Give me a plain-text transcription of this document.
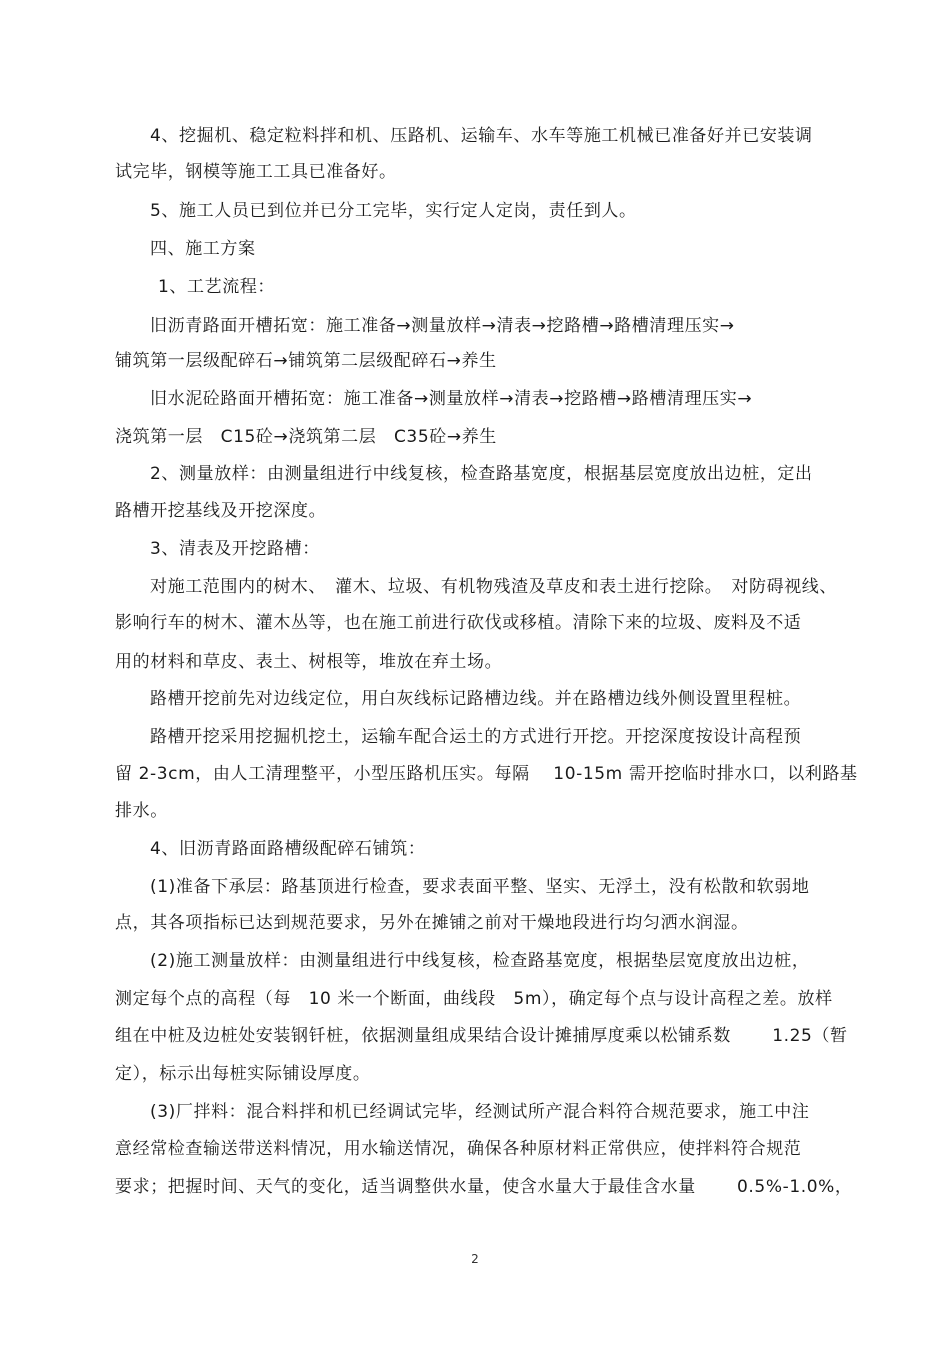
4、挖掘机、稳定粒料拌和机、压路机、运输车、水车等施工机械已准备好并已安装调
试完毕，钢模等施工工具已准备好。
5、施工人员已到位并已分工完毕，实行定人定岗，责任到人。
四、施工方案
1、工艺流程：
旧沥青路面开槽拓宽：施工准备→测量放样→清表→挖路槽→路槽清理压实→
铺筑第一层级配碎石→铺筑第二层级配碎石→养生
旧水泥砼路面开槽拓宽：施工准备→测量放样→清表→挖路槽→路槽清理压实→
浇筑第一层　C15砼→浇筑第二层　C35砼→养生
2、测量放样：由测量组进行中线复核，检查路基宽度，根据基层宽度放出边桩，定出
路槽开挖基线及开挖深度。
3、清表及开挖路槽：
对施工范围内的树木、　灌木、垃圾、有机物残渣及草皮和表土进行挖除。　对防碍视线、
影响行车的树木、灌木丛等，也在施工前进行砍伐或移植。清除下来的垃圾、废料及不适
用的材料和草皮、表土、树根等，堆放在弃土场。
路槽开挖前先对边线定位，用白灰线标记路槽边线。并在路槽边线外侧设置里程桩。
路槽开挖采用挖掘机挖土，运输车配合运土的方式进行开挖。开挖深度按设计高程预
留 2-3cm，由人工清理整平，小型压路机压实。每隔　 10-15m 需开挖临时排水口，以利路基
排水。
4、旧沥青路面路槽级配碎石铺筑：
(1)准备下承层：路基顶进行检查，要求表面平整、坚实、无浮土，没有松散和软弱地
点，其各项指标已达到规范要求，另外在摊铺之前对干燥地段进行均匀洒水润湿。
(2)施工测量放样：由测量组进行中线复核，检查路基宽度，根据垫层宽度放出边桩，
测定每个点的高程（每　10 米一个断面，曲线段　5m），确定每个点与设计高程之差。放样
组在中桩及边桩处安装钢钎桩，依据测量组成果结合设计摊捕厚度乘以松铺系数　　 1.25（暂
定），标示出每桩实际铺设厚度。
(3)厂拌料：混合料拌和机已经调试完毕，经测试所产混合料符合规范要求，施工中注
意经常检查输送带送料情况，用水输送情况，确保各种原材料正常供应，使拌料符合规范
要求；把握时间、天气的变化，适当调整供水量，使含水量大于最佳含水量　　 0.5%-1.0%，
2
